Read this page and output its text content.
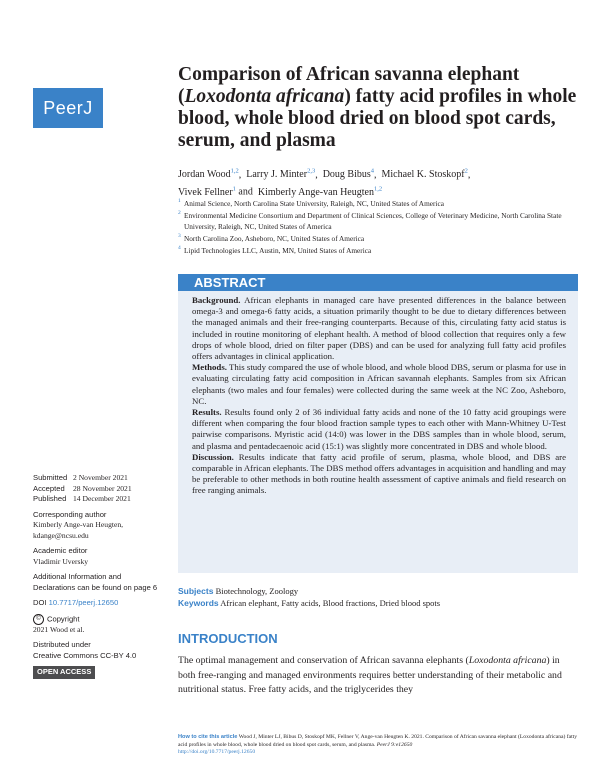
PeerJ
Comparison of African savanna elephant (Loxodonta africana) fatty acid profiles in whole blood, whole blood dried on blood spot cards, serum, and plasma
Jordan Wood$^{1,2}$,  Larry J. Minter$^{2,3}$,  Doug Bibus$^4$,  Michael K. Stoskopf$^2$,
Vivek Fellner$^1$ and  Kimberly Ange-van Heugten$^{1,2}$

1 Animal Science, North Carolina State University, Raleigh, NC, United States of America

2 Environmental Medicine Consortium and Department of Clinical Sciences, College of Veterinary Medicine, North Carolina State University, Raleigh, NC, United States of America

3 North Carolina Zoo, Asheboro, NC, United States of America

4 Lipid Technologies LLC, Austin, MN, United States of America

ABSTRACT

Background. African elephants in managed care have presented differences in the balance between omega-3 and omega-6 fatty acids, a situation primarily thought to be due to dietary differences between the managed animals and their free-ranging counterparts. Because of this, circulating fatty acid status is included in routine monitoring of elephant health. A method of blood collection that requires only a few drops of whole blood, dried on filter paper (DBS) and can be used for analyzing full fatty acid profiles offers advantages in clinical application.

Methods. This study compared the use of whole blood, and whole blood DBS, serum or plasma for use in evaluating circulating fatty acid composition in African savannah elephants. Samples from six African elephants (two males and four females) were collected during the same week at the NC Zoo, Asheboro, NC.

Results. Results found only 2 of 36 individual fatty acids and none of the 10 fatty acid groupings were different when comparing the four blood fraction sample types to each other with Mann-Whitney U-Test pairwise comparisons. Myristic acid (14:0) was lower in the DBS samples than in whole blood, serum, and plasma and pentadecaenoic acid (15:1) was slightly more concentrated in DBS and whole blood.

Discussion. Results indicate that fatty acid profile of serum, plasma, whole blood, and DBS are comparable in African elephants. The DBS method offers advantages in acquisition and handling and may be preferable to other methods in both routine health assessment of captive animals and field research on free ranging animals.

Submitted 2 November 2021
Accepted 28 November 2021
Published 14 December 2021
Corresponding author
Kimberly Ange-van Heugten,
kdange@ncsu.edu
Academic editor
Vladimir Uversky
Additional Information and Declarations can be found on page 6
DOI 10.7717/peerj.12650
© Copyright
2021 Wood et al.
Distributed under
Creative Commons CC-BY 4.0
OPEN ACCESS
Subjects Biotechnology, Zoology
Keywords African elephant, Fatty acids, Blood fractions, Dried blood spots
INTRODUCTION

The optimal management and conservation of African savanna elephants (Loxodonta africana) in both free-ranging and managed environments requires better understanding of their metabolic and nutritional status. Free fatty acids, and the triglycerides they

How to cite this article Wood J, Minter LJ, Bibus D, Stoskopf MK, Fellner V, Ange-van Heugten K. 2021. Comparison of African savanna elephant (Loxodonta africana) fatty acid profiles in whole blood, whole blood dried on blood spot cards, serum, and plasma. PeerJ 9:e12650
http://doi.org/10.7717/peerj.12650
